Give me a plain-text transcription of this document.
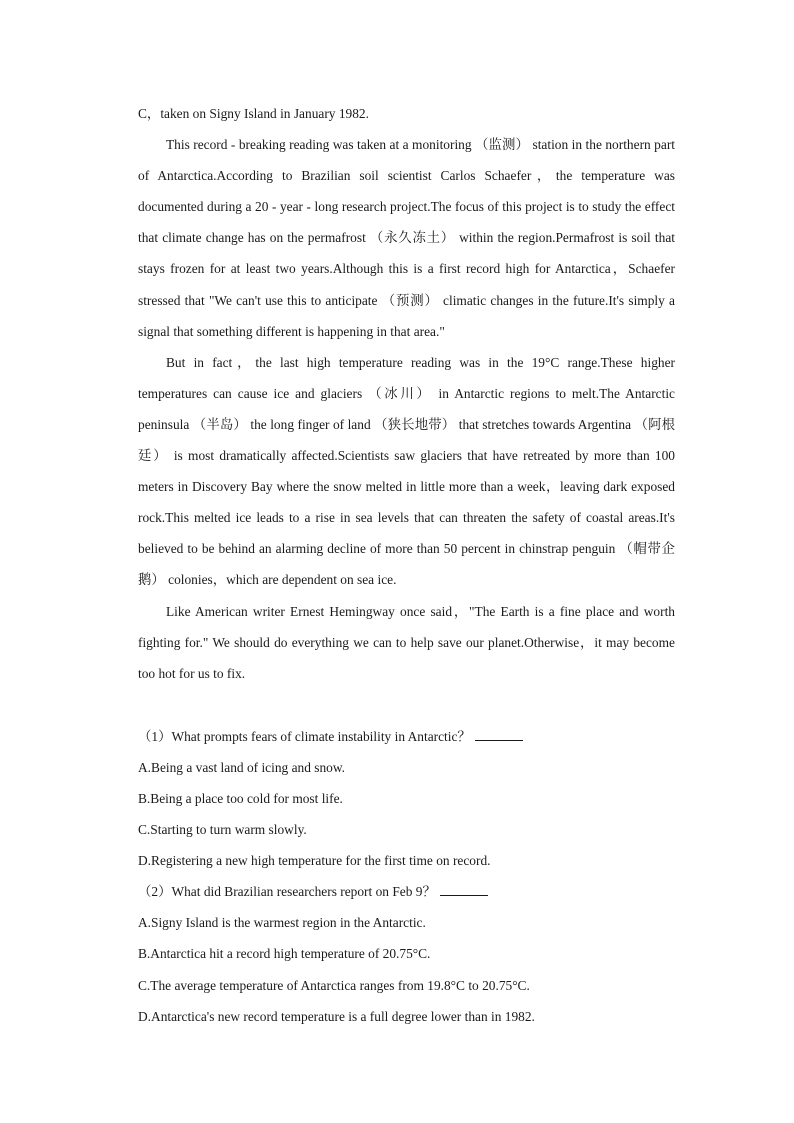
C，taken on Signy Island in January 1982.

This record - breaking reading was taken at a monitoring （监测） station in the northern part of Antarctica.According to Brazilian soil scientist Carlos Schaefer，the temperature was documented during a 20 - year - long research project.The focus of this project is to study the effect that climate change has on the permafrost （永久冻土） within the region.Permafrost is soil that stays frozen for at least two years.Although this is a first record high for Antarctica，Schaefer stressed that "We can't use this to anticipate （预测） climatic changes in the future.It's simply a signal that something different is happening in that area."

But in fact，the last high temperature reading was in the 19°C range.These higher temperatures can cause ice and glaciers （冰川） in Antarctic regions to melt.The Antarctic peninsula （半岛） the long finger of land （狭长地带） that stretches towards Argentina （阿根廷） is most dramatically affected.Scientists saw glaciers that have retreated by more than 100 meters in Discovery Bay where the snow melted in little more than a week，leaving dark exposed rock.This melted ice leads to a rise in sea levels that can threaten the safety of coastal areas.It's believed to be behind an alarming decline of more than 50 percent in chinstrap penguin （帽带企鹅） colonies，which are dependent on sea ice.

Like American writer Ernest Hemingway once said，"The Earth is a fine place and worth fighting for." We should do everything we can to help save our planet.Otherwise，it may become too hot for us to fix.

（1）What prompts fears of climate instability in Antarctic？

A.Being a vast land of icing and snow.

B.Being a place too cold for most life.

C.Starting to turn warm slowly.

D.Registering a new high temperature for the first time on record.

（2）What did Brazilian researchers report on Feb 9？

A.Signy Island is the warmest region in the Antarctic.

B.Antarctica hit a record high temperature of 20.75°C.

C.The average temperature of Antarctica ranges from 19.8°C to 20.75°C.

D.Antarctica's new record temperature is a full degree lower than in 1982.
